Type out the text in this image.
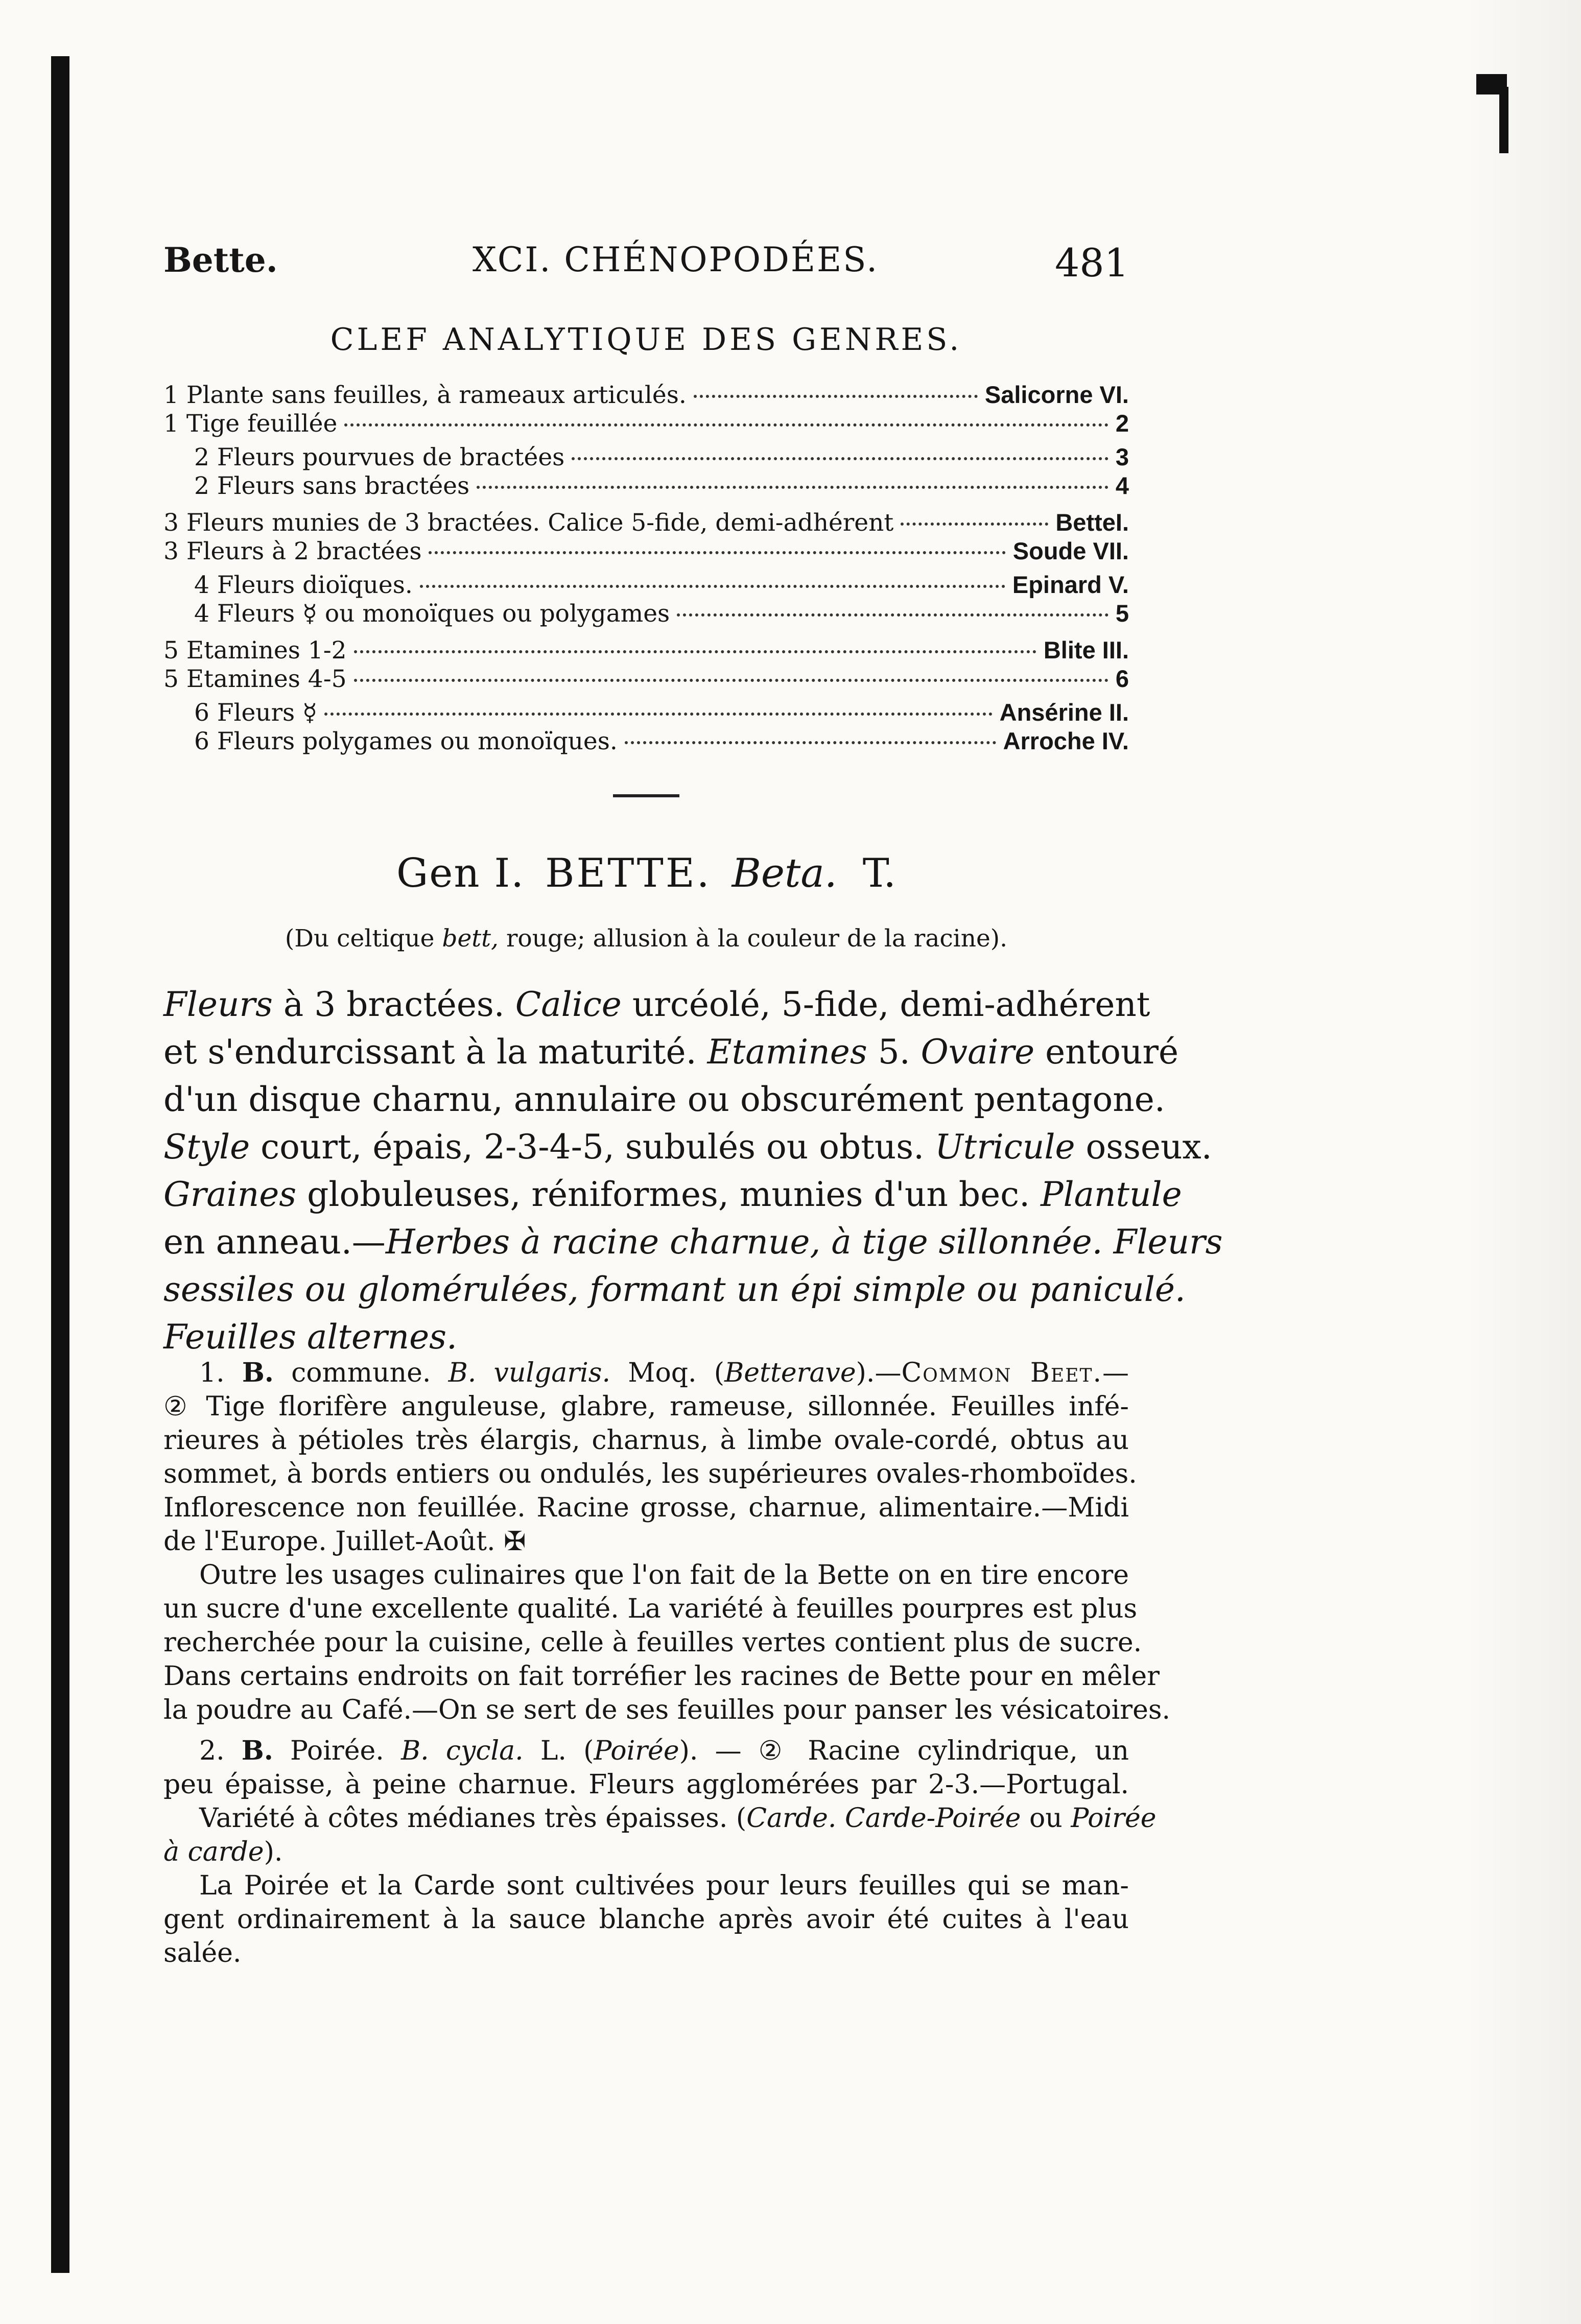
Bette.	XCI. CHÉNOPODÉES.	481
CLEF ANALYTIQUE DES GENRES.
1 Plante sans feuilles, à rameaux articulés.	Salicorne VI.
1 Tige feuillée	2
2 Fleurs pourvues de bractées	3
2 Fleurs sans bractées	4
3 Fleurs munies de 3 bractées. Calice 5-fide, demi-adhérent	BetteI.
3 Fleurs à 2 bractées	Soude VII.
4 Fleurs dioïques.	Epinard V.
4 Fleurs ☿ ou monoïques ou polygames	5
5 Etamines 1-2	Blite III.
5 Etamines 4-5	6
6 Fleurs ☿	Ansérine II.
6 Fleurs polygames ou monoïques.	Arroche IV.
Gen I. BETTE. Beta. T.
(Du celtique bett, rouge; allusion à la couleur de la racine).
Fleurs à 3 bractées. Calice urcéolé, 5-fide, demi-adhérent
et s'endurcissant à la maturité. Etamines 5. Ovaire entouré
d'un disque charnu, annulaire ou obscurément pentagone.
Style court, épais, 2-3-4-5, subulés ou obtus. Utricule osseux.
Graines globuleuses, réniformes, munies d'un bec. Plantule
en anneau.—Herbes à racine charnue, à tige sillonnée. Fleurs
sessiles ou glomérulées, formant un épi simple ou paniculé.
Feuilles alternes.
1. B. commune. B. vulgaris. Moq. (Betterave).—Common Beet.—
② Tige florifère anguleuse, glabre, rameuse, sillonnée. Feuilles infé-
rieures à pétioles très élargis, charnus, à limbe ovale-cordé, obtus au
sommet, à bords entiers ou ondulés, les supérieures ovales-rhomboïdes.
Inflorescence non feuillée. Racine grosse, charnue, alimentaire.—Midi
de l'Europe. Juillet-Août. ✠
Outre les usages culinaires que l'on fait de la Bette on en tire encore
un sucre d'une excellente qualité. La variété à feuilles pourpres est plus
recherchée pour la cuisine, celle à feuilles vertes contient plus de sucre.
Dans certains endroits on fait torréfier les racines de Bette pour en mêler
la poudre au Café.—On se sert de ses feuilles pour panser les vésicatoires.
2. B. Poirée. B. cycla. L. (Poirée). — ② Racine cylindrique, un
peu épaisse, à peine charnue. Fleurs agglomérées par 2-3.—Portugal.
Variété à côtes médianes très épaisses. (Carde. Carde-Poirée ou Poirée
à carde).
La Poirée et la Carde sont cultivées pour leurs feuilles qui se man-
gent ordinairement à la sauce blanche après avoir été cuites à l'eau
salée.
